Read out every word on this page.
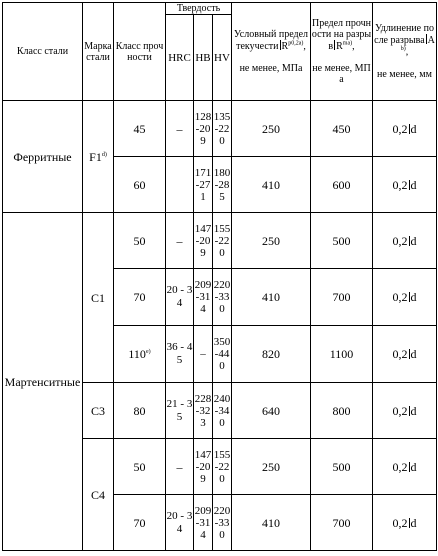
Класс стали	Марка стали	Класс прочности	Твердость			Условный предел текучести $R^{p0,2a)}$,

не менее, МПа	Предел прочности на разрыв $R^{ma)}$,

не менее, МПа	Удлинение после разрыва $A^{b)}$,

не менее, мм
			HRC	HB	HV			
Ферритные	F1$^{d)}$	45	–	128-209	135-220	250	450	0,2 d
		60		171-271	180-285	410	600	0,2 d
Мартенситные	C1	50	–	147-209	155-220	250	500	0,2 d
		70	20 - 34	209-314	220-330	410	700	0,2 d
		110$^{e)}$	36 - 45	–	350-440	820	1100	0,2 d
	C3	80	21 - 35	228-323	240-340	640	800	0,2 d
	C4	50	–	147-209	155-220	250	500	0,2 d
		70	20 - 34	209-314	220-330	410	700	0,2 d
